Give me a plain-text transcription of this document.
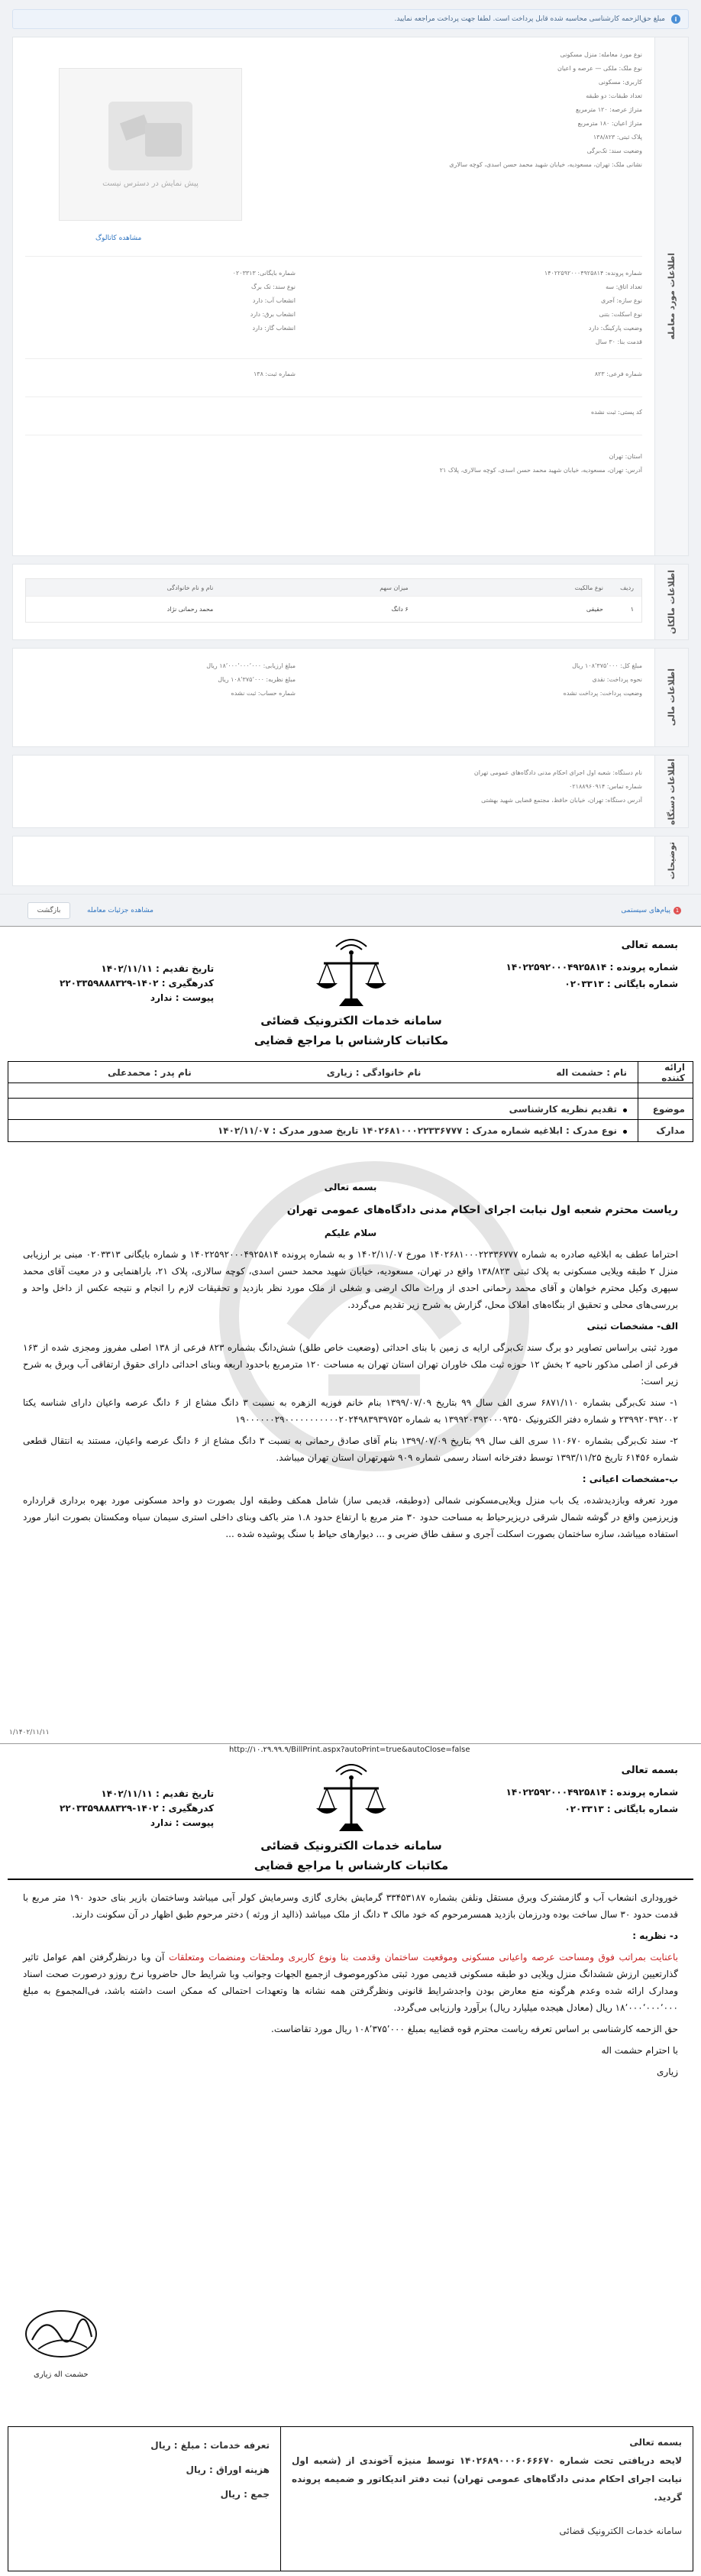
i
مبلغ حق‌الزحمه کارشناسی محاسبه شده قابل پرداخت است. لطفا جهت پرداخت مراجعه نمایید.
اطلاعات مورد معامله
نوع مورد معامله: منزل مسکونی
نوع ملک: ملکی — عرصه و اعیان
کاربری: مسکونی
تعداد طبقات: دو طبقه
متراژ عرصه: ۱۲۰ مترمربع
متراژ اعیان: ۱۸۰ مترمربع
پلاک ثبتی: ۱۳۸/۸۲۳
وضعیت سند: تک‌برگی
نشانی ملک: تهران، مسعودیه، خیابان شهید محمد حسن اسدی، کوچه سالاری
پیش نمایش در دسترس نیست
مشاهده کاتالوگ
شماره پرونده: ۱۴۰۲۲۵۹۲۰۰۰۴۹۲۵۸۱۴
تعداد اتاق: سه
نوع سازه: آجری
نوع اسکلت: بتنی
وضعیت پارکینگ: دارد
قدمت بنا: ۳۰ سال
شماره بایگانی: ۰۲۰۳۳۱۳
نوع سند: تک برگ
انشعاب آب: دارد
انشعاب برق: دارد
انشعاب گاز: دارد
شماره فرعی: ۸۲۳
شماره ثبت: ۱۳۸
کد پستی: ثبت نشده
استان: تهران
آدرس: تهران، مسعودیه، خیابان شهید محمد حسن اسدی، کوچه سالاری، پلاک ۲۱
اطلاعات مالکان
ردیف
نوع مالکیت
میزان سهم
نام و نام خانوادگی
۱
حقیقی
۶ دانگ
محمد رحمانی نژاد
اطلاعات مالی
مبلغ کل: ۱۰۸٬۳۷۵٬۰۰۰ ریال
نحوه پرداخت: نقدی
وضعیت پرداخت: پرداخت نشده
مبلغ ارزیابی: ۱۸٬۰۰۰٬۰۰۰٬۰۰۰ ریال
مبلغ نظریه: ۱۰۸٬۳۷۵٬۰۰۰ ریال
شماره حساب: ثبت نشده
اطلاعات دستگاه
نام دستگاه: شعبه اول اجرای احکام مدنی دادگاه‌های عمومی تهران
شماره تماس: ۰۲۱۸۸۹۶۰۹۱۴
آدرس دستگاه: تهران، خیابان حافظ، مجتمع قضایی شهید بهشتی
توضیحات
1
پیام‌های سیستمی
مشاهده جزئیات معامله
بازگشت
بسمه تعالی
شماره پرونده : ۱۴۰۲۲۵۹۲۰۰۰۴۹۲۵۸۱۴
شماره بایگانی : ۰۲۰۳۳۱۳
سامانه خدمات الکترونیک قضائی
مکاتبات کارشناس با مراجع قضایی
تاریخ تقدیم : ۱۴۰۲/۱۱/۱۱
کدرهگیری : ۱۴۰۲-۲۲۰۳۳۵۹۸۸۸۳۲۹
پیوست : ندارد
ارائه کننده
نام : حشمت اله
نام خانوادگی : زیاری
نام پدر : محمدعلی
موضوع
تقدیم نظریه کارشناسی
مدارک
نوع مدرک : ابلاغیه شماره مدرک : ۱۴۰۲۶۸۱۰۰۰۲۲۳۳۶۷۷۷ تاریخ صدور مدرک : ۱۴۰۲/۱۱/۰۷

بسمه تعالی

ریاست محترم شعبه اول نیابت اجرای احکام مدنی دادگاه‌های عمومی تهران

سلام علیکم

احتراما عطف به ابلاغیه صادره به شماره ۱۴۰۲۶۸۱۰۰۰۲۲۳۳۶۷۷۷ مورخ ۱۴۰۲/۱۱/۰۷ و به شماره پرونده ۱۴۰۲۲۵۹۲۰۰۰۴۹۲۵۸۱۴ و شماره بایگانی ۰۲۰۳۳۱۳ مبنی بر ارزیابی منزل ۲ طبقه ویلایی مسکونی به پلاک ثبتی ۱۳۸/۸۲۳ واقع در تهران، مسعودیه، خیابان شهید محمد حسن اسدی، کوچه سالاری، پلاک ۲۱، باراهنمایی و در معیت آقای محمد سپهری وکیل محترم خواهان و آقای محمد رحمانی احدی از وراث مالک ارضی و شغلی از ملک مورد نظر بازدید و تحقیقات لازم را انجام و نتیجه عکس از داخل واحد و بررسی‌های محلی و تحقیق از بنگاه‌های املاک محل، گزارش به شرح زیر تقدیم می‌گردد.

الف- مشخصات ثبتی

مورد ثبتی براساس تصاویر دو برگ سند تک‌برگی ارایه ی زمین با بنای احداثی (وضعیت خاص طلق) شش‌دانگ بشماره ۸۲۳ فرعی از ۱۳۸ اصلی مفروز ومجزی شده از ۱۶۳ فرعی از اصلی مذکور ناحیه ۲ بخش ۱۲ حوزه ثبت ملک خاوران تهران استان تهران به مساحت ۱۲۰ مترمربع باحدود اربعه وبنای احداثی دارای حقوق ارتفاقی آب وبرق به شرح زیر است:

۱- سند تک‌برگی بشماره ۶۸۷۱/۱۱۰ سری الف سال ۹۹ بتاریخ ۱۳۹۹/۰۷/۰۹ بنام خانم فوزیه الزهره به نسبت ۳ دانگ مشاع از ۶ دانگ عرصه واعیان دارای شناسه یکتا ۲۳۹۹۲۰۳۹۲۰۰۲ و شماره دفتر الکترونیک ۱۳۹۹۲۰۳۹۲۰۰۰۹۳۵۰ به شماره ۱۹۰۰۰۰۰۰۲۹۰۰۰۰۰۰۰۰۰۰۰۲۰۲۴۹۸۳۹۳۹۷۵۲

۲- سند تک‌برگی بشماره ۱۱۰۶۷۰ سری الف سال ۹۹ بتاریخ ۱۳۹۹/۰۷/۰۹ بنام آقای صادق رحمانی به نسبت ۳ دانگ مشاع از ۶ دانگ عرصه واعیان، مستند به انتقال قطعی شماره ۶۱۴۵۶ تاریخ ۱۳۹۳/۱۱/۲۵ توسط دفترخانه اسناد رسمی شماره ۹۰۹ شهرتهران استان تهران میباشد.

ب-مشخصات اعیانی :

مورد تعرفه وبازدیدشده، یک باب منزل ویلایی‌مسکونی شمالی (دوطبقه، قدیمی ساز) شامل همکف وطبقه اول بصورت دو واحد مسکونی مورد بهره برداری قرارداره وزیرزمین واقع در گوشه شمال شرقی دریزیرحیاط به مساحت حدود ۳۰ متر مربع با ارتفاع حدود ۱.۸ متر باکف وبنای داخلی استری سیمان سیاه ومکستان بصورت انبار مورد استفاده میباشد، سازه ساختمان بصورت اسکلت آجری و سقف طاق ضربی و ... دیوارهای حیاط با سنگ پوشیده شده ...

۱/۱۴۰۲/۱۱/۱۱
http://۱۰.۲۹.۹۹.۹/BillPrint.aspx?autoPrint=true&autoClose=false
بسمه تعالی
شماره پرونده : ۱۴۰۲۲۵۹۲۰۰۰۴۹۲۵۸۱۴
شماره بایگانی : ۰۲۰۳۳۱۳
سامانه خدمات الکترونیک قضائی
مکاتبات کارشناس با مراجع قضایی
تاریخ تقدیم : ۱۴۰۲/۱۱/۱۱
کدرهگیری : ۱۴۰۲-۲۲۰۳۳۵۹۸۸۸۳۲۹
پیوست : ندارد

خوروداری انشعاب آب و گازمشترک وبرق مستقل ونلفن بشماره ۳۳۴۵۳۱۸۷ گرمایش بخاری گازی وسرمایش کولر آبی میباشد وساختمان بازیر بنای حدود ۱۹۰ متر مربع با قدمت حدود ۳۰ سال ساخت بوده ودرزمان بازدید همسرمرحوم که خود مالک ۳ دانگ از ملک میباشد (ذالید از ورثه ) دختر مرحوم طبق اظهار در آن سکونت دارند.

د- نظریه :

باعنایت بمراتب فوق ومساحت عرصه واعیانی مسکونی وموقعیت ساختمان وقدمت بنا ونوع کاربری وملحقات ومنضمات ومتعلقات آن وبا درنظرگرفتن اهم عوامل تاثیر گذارتعیین ارزش ششدانگ منزل ویلایی دو طبقه مسکونی قدیمی مورد ثبتی مذکورموصوف ازجمیع الجهات وجوانب وبا شرایط حال حاضروبا نرخ روزو درصورت صحت اسناد ومدارک ارائه شده وعدم هرگونه منع معارض بودن واجدشرایط قانونی ونظرگرفتن همه نشانه ها وتعهدات احتمالی که ممکن است داشته باشد، فی‌المجموع به مبلغ ۱۸٬۰۰۰٬۰۰۰٬۰۰۰ ریال (معادل هیجده میلیارد ریال) برآورد وارزیابی می‌گردد.

حق الزحمه کارشناسی بر اساس تعرفه ریاست محترم قوه قضاییه بمبلغ ۱۰۸٬۳۷۵٬۰۰۰ ریال مورد تقاضاست.

با احترام حشمت اله

زیاری

حشمت اله زیاری
بسمه تعالی
لایحه دریافتی تحت شماره ۱۴۰۲۶۸۹۰۰۰۶۰۶۶۶۷۰ توسط منیژه آخوندی از (شعبه اول نیابت اجرای احکام مدنی دادگاه‌های عمومی تهران) ثبت دفتر اندیکاتور و ضمیمه پرونده گردید.
سامانه خدمات الکترونیک قضائی
تعرفه خدمات : مبلغ : ریال
هزینه اوراق : ریال
جمع : ریال
